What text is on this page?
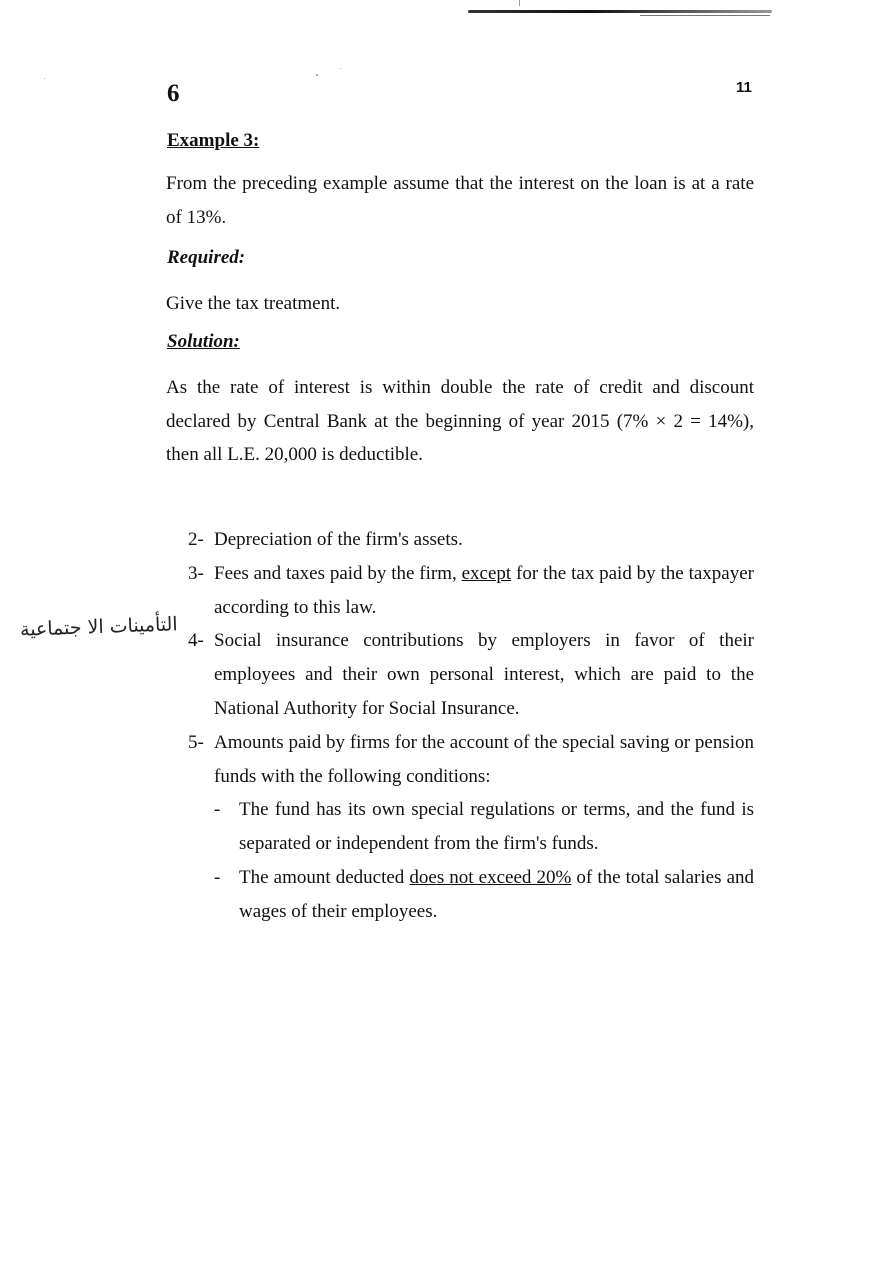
6	11
Example 3:
From the preceding example assume that the interest on the loan is at a rate of 13%.
Required:
Give the tax treatment.
Solution:
As the rate of interest is within double the rate of credit and discount declared by Central Bank at the beginning of year 2015 (7% × 2 = 14%), then all L.E. 20,000 is deductible.
2- Depreciation of the firm's assets.
3- Fees and taxes paid by the firm, except for the tax paid by the taxpayer according to this law.
4- Social insurance contributions by employers in favor of their employees and their own personal interest, which are paid to the National Authority for Social Insurance.
5- Amounts paid by firms for the account of the special saving or pension funds with the following conditions:
- The fund has its own special regulations or terms, and the fund is separated or independent from the firm's funds.
- The amount deducted does not exceed 20% of the total salaries and wages of their employees.
التأمينات الا جتماعية
